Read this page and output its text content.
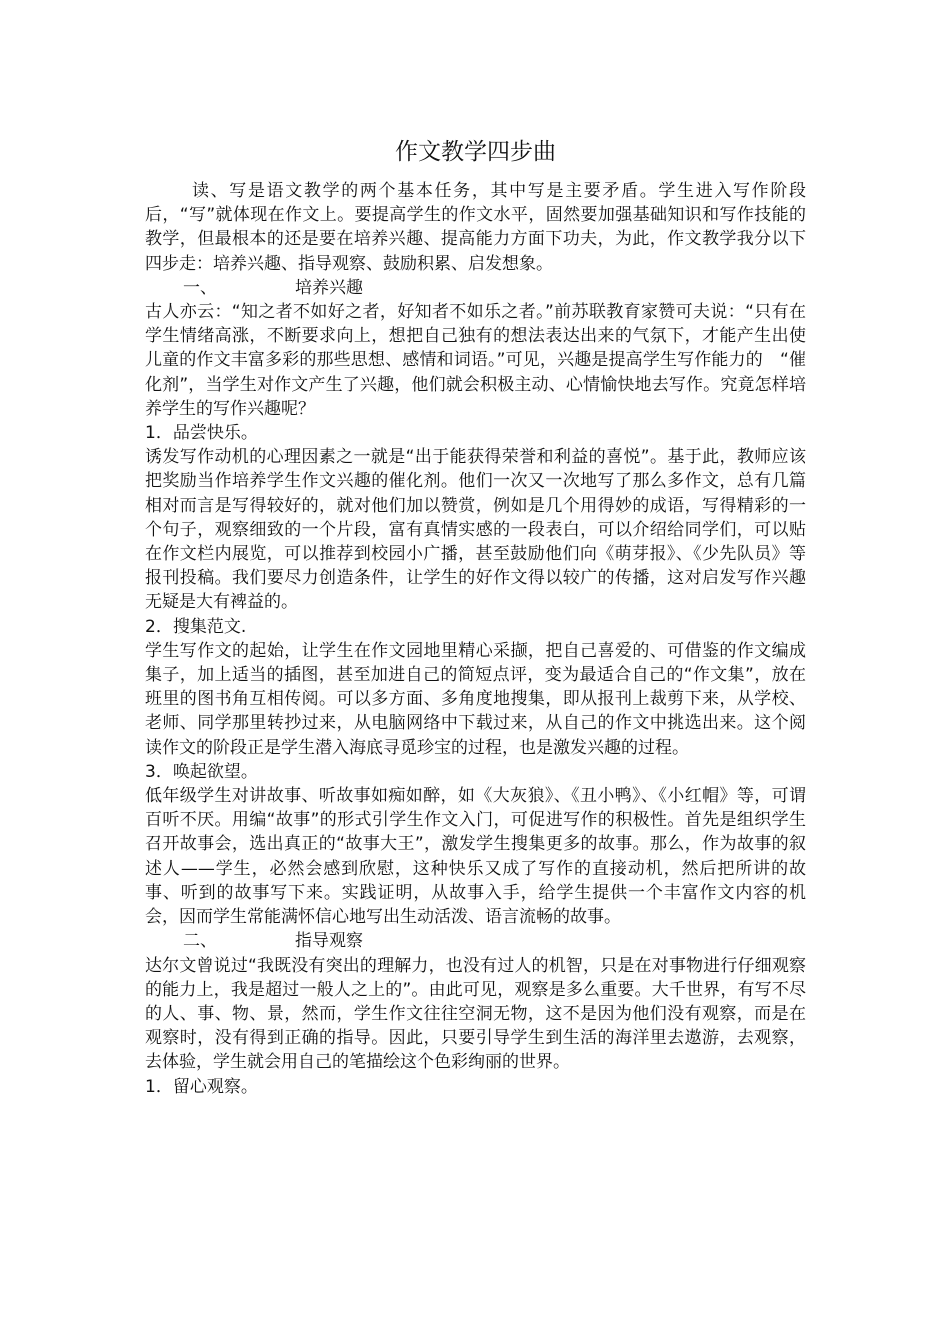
作文教学四步曲

读、写是语文教学的两个基本任务，其中写是主要矛盾。学生进入写作阶段后，“写”就体现在作文上。要提高学生的作文水平，固然要加强基础知识和写作技能的教学，但最根本的还是要在培养兴趣、提高能力方面下功夫，为此，作文教学我分以下四步走：培养兴趣、指导观察、鼓励积累、启发想象。

一、	培养兴趣

古人亦云：“知之者不如好之者，好知者不如乐之者。”前苏联教育家赞可夫说：“只有在学生情绪高涨，不断要求向上，想把自己独有的想法表达出来的气氛下，才能产生出使儿童的作文丰富多彩的那些思想、感情和词语。”可见，兴趣是提高学生写作能力的　“催化剂”，当学生对作文产生了兴趣，他们就会积极主动、心情愉快地去写作。究竟怎样培养学生的写作兴趣呢？

1．品尝快乐。

诱发写作动机的心理因素之一就是“出于能获得荣誉和利益的喜悦”。基于此，教师应该把奖励当作培养学生作文兴趣的催化剂。他们一次又一次地写了那么多作文，总有几篇相对而言是写得较好的，就对他们加以赞赏，例如是几个用得妙的成语，写得精彩的一个句子，观察细致的一个片段，富有真情实感的一段表白，可以介绍给同学们，可以贴在作文栏内展览，可以推荐到校园小广播，甚至鼓励他们向《萌芽报》、《少先队员》等报刊投稿。我们要尽力创造条件，让学生的好作文得以较广的传播，这对启发写作兴趣无疑是大有裨益的。

2．搜集范文.

学生写作文的起始，让学生在作文园地里精心采撷，把自己喜爱的、可借鉴的作文编成集子，加上适当的插图，甚至加进自己的简短点评，变为最适合自己的“作文集”，放在班里的图书角互相传阅。可以多方面、多角度地搜集，即从报刊上裁剪下来，从学校、老师、同学那里转抄过来，从电脑网络中下载过来，从自己的作文中挑选出来。这个阅读作文的阶段正是学生潜入海底寻觅珍宝的过程，也是激发兴趣的过程。

3．唤起欲望。

低年级学生对讲故事、听故事如痴如醉，如《大灰狼》、《丑小鸭》、《小红帽》等，可谓百听不厌。用编“故事”的形式引学生作文入门，可促进写作的积极性。首先是组织学生召开故事会，选出真正的“故事大王”，激发学生搜集更多的故事。那么，作为故事的叙述人——学生，必然会感到欣慰，这种快乐又成了写作的直接动机，然后把所讲的故事、听到的故事写下来。实践证明，从故事入手，给学生提供一个丰富作文内容的机会，因而学生常能满怀信心地写出生动活泼、语言流畅的故事。

二、	指导观察

达尔文曾说过“我既没有突出的理解力，也没有过人的机智，只是在对事物进行仔细观察的能力上，我是超过一般人之上的”。由此可见，观察是多么重要。大千世界，有写不尽的人、事、物、景，然而，学生作文往往空洞无物，这不是因为他们没有观察，而是在观察时，没有得到正确的指导。因此，只要引导学生到生活的海洋里去遨游，去观察，去体验，学生就会用自己的笔描绘这个色彩绚丽的世界。

1．留心观察。
